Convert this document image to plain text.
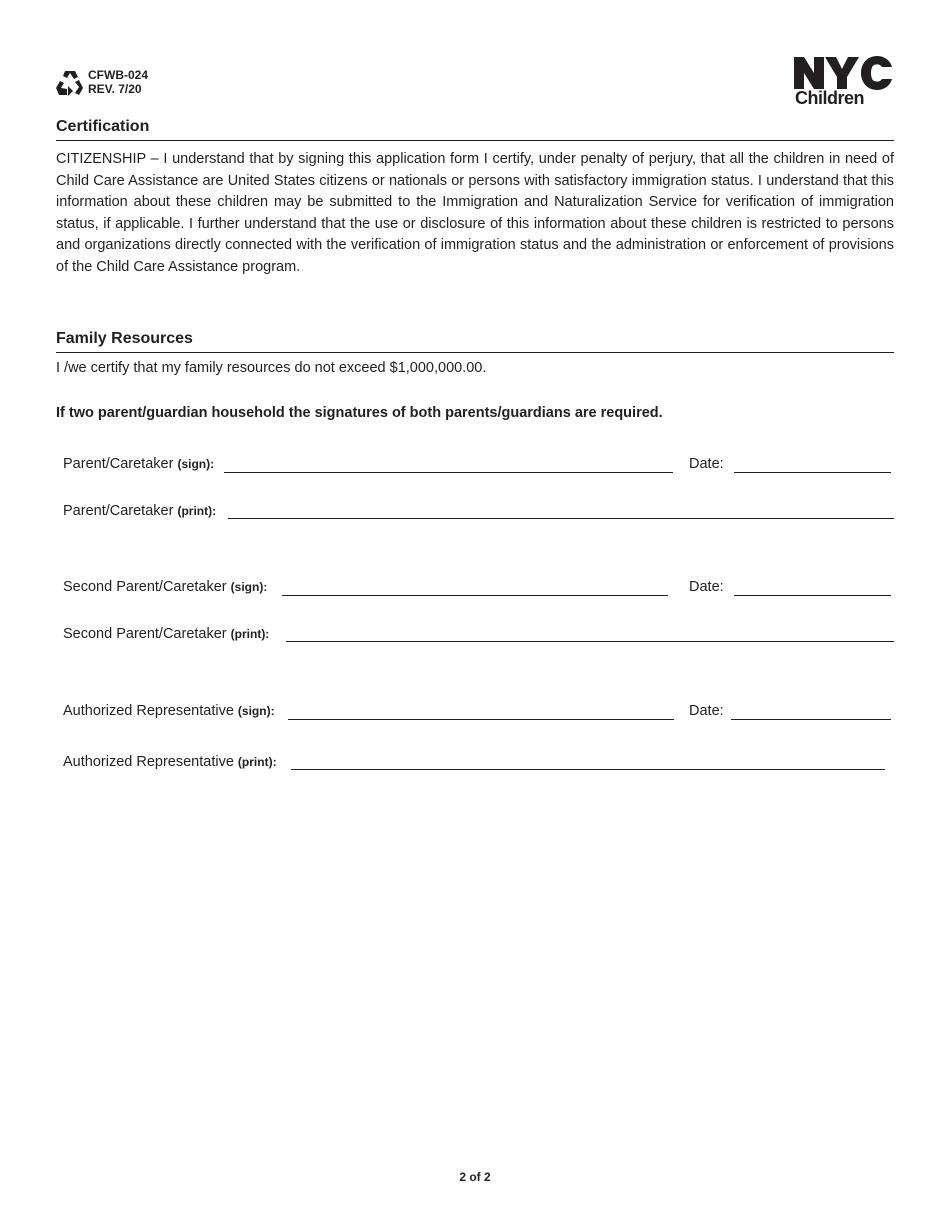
CFWB-024
REV. 7/20	Children
Certification
CITIZENSHIP – I understand that by signing this application form I certify, under penalty of perjury, that all the children in need of Child Care Assistance are United States citizens or nationals or persons with satisfactory immigration status. I understand that this information about these children may be submitted to the Immigration and Naturalization Service for verification of immigration status, if applicable. I further understand that the use or disclosure of this information about these children is restricted to persons and organizations directly connected with the verification of immigration status and the administration or enforcement of provisions of the Child Care Assistance program.
Family Resources
I /we certify that my family resources do not exceed $1,000,000.00.
If two parent/guardian household the signatures of both parents/guardians are required.
Parent/Caretaker (sign):	Date:
Parent/Caretaker (print):
Second Parent/Caretaker (sign):	Date:
Second Parent/Caretaker (print):
Authorized Representative (sign):	Date:
Authorized Representative (print):
2 of 2
